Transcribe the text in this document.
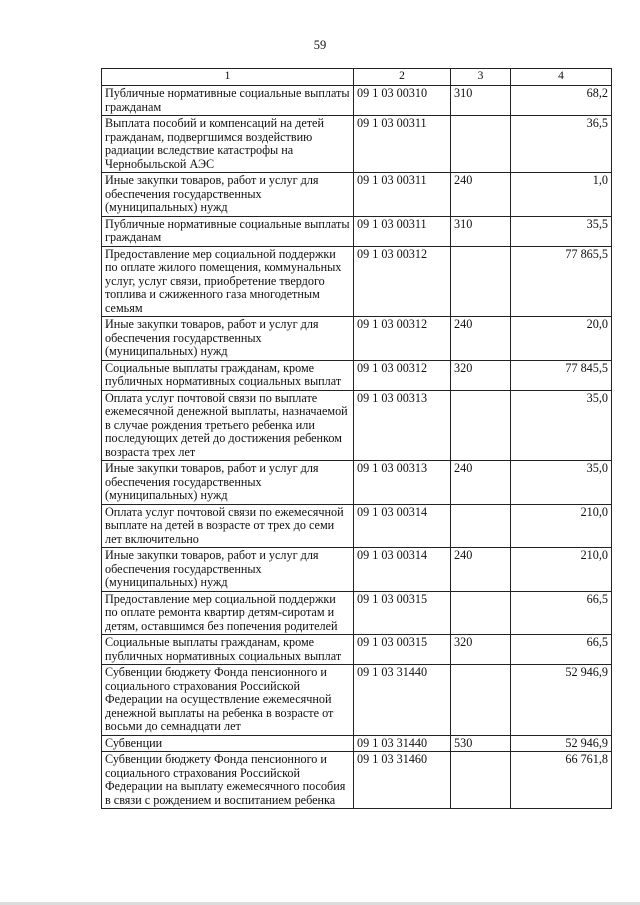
59
1	2	3	4
Публичные нормативные социальные выплаты гражданам	09 1 03 00310	310	68,2
Выплата пособий и компенсаций на детей гражданам, подвергшимся воздействию радиации вследствие катастрофы на Чернобыльской АЭС	09 1 03 00311		36,5
Иные закупки товаров, работ и услуг для обеспечения государственных (муниципальных) нужд	09 1 03 00311	240	1,0
Публичные нормативные социальные выплаты гражданам	09 1 03 00311	310	35,5
Предоставление мер социальной поддержки по оплате жилого помещения, коммунальных услуг, услуг связи, приобретение твердого топлива и сжиженного газа многодетным семьям	09 1 03 00312		77 865,5
Иные закупки товаров, работ и услуг для обеспечения государственных (муниципальных) нужд	09 1 03 00312	240	20,0
Социальные выплаты гражданам, кроме публичных нормативных социальных выплат	09 1 03 00312	320	77 845,5
Оплата услуг почтовой связи по выплате ежемесячной денежной выплаты, назначаемой в случае рождения третьего ребенка или последующих детей до достижения ребенком возраста трех лет	09 1 03 00313		35,0
Иные закупки товаров, работ и услуг для обеспечения государственных (муниципальных) нужд	09 1 03 00313	240	35,0
Оплата услуг почтовой связи по ежемесячной выплате на детей в возрасте от трех до семи лет включительно	09 1 03 00314		210,0
Иные закупки товаров, работ и услуг для обеспечения государственных (муниципальных) нужд	09 1 03 00314	240	210,0
Предоставление мер социальной поддержки по оплате ремонта квартир детям-сиротам и детям, оставшимся без попечения родителей	09 1 03 00315		66,5
Социальные выплаты гражданам, кроме публичных нормативных социальных выплат	09 1 03 00315	320	66,5
Субвенции бюджету Фонда пенсионного и социального страхования Российской Федерации на осуществление ежемесячной денежной выплаты на ребенка в возрасте от восьми до семнадцати лет	09 1 03 31440		52 946,9
Субвенции	09 1 03 31440	530	52 946,9
Субвенции бюджету Фонда пенсионного и социального страхования Российской Федерации на выплату ежемесячного пособия в связи с рождением и воспитанием ребенка	09 1 03 31460		66 761,8
